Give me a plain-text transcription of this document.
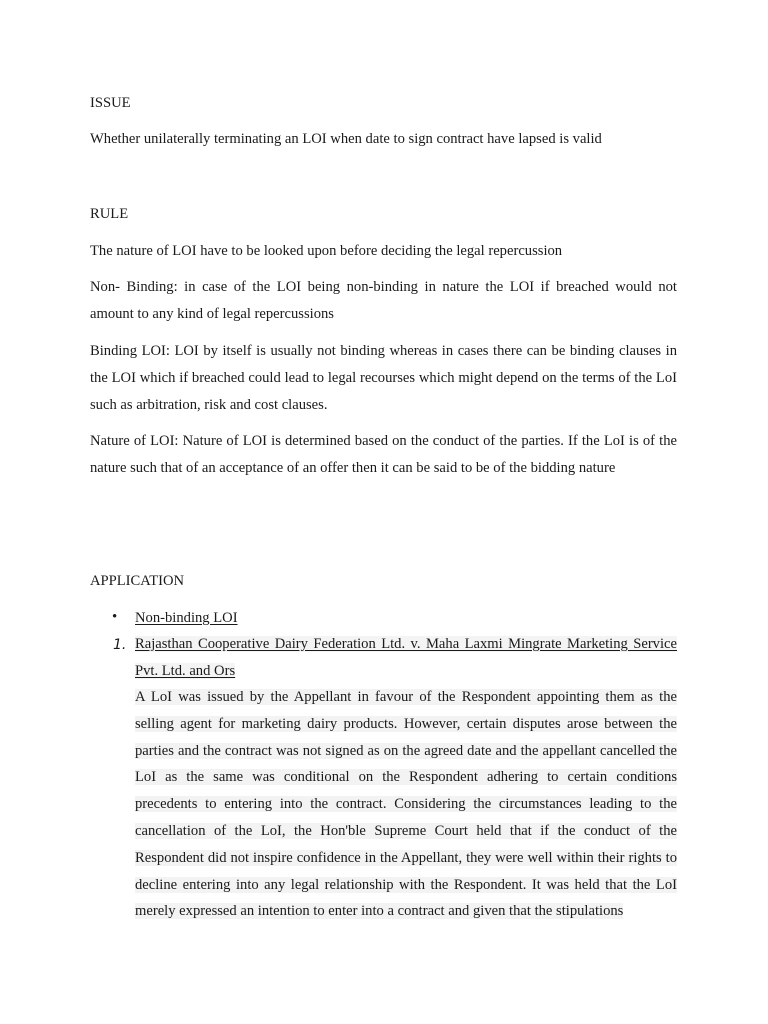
ISSUE

Whether unilaterally terminating an LOI when date to sign contract have lapsed is valid

RULE

The nature of LOI have to be looked upon before deciding the legal repercussion

Non- Binding: in case of the LOI being non-binding in nature the LOI if breached would not amount to any kind of legal repercussions

Binding LOI: LOI by itself is usually not binding whereas in cases there can be binding clauses in the LOI which if breached could lead to legal recourses which might depend on the terms of the LoI such as arbitration, risk and cost clauses.

Nature of LOI: Nature of LOI is determined based on the conduct of the parties. If the LoI is of the nature such that of an acceptance of an offer then it can be said to be of the bidding nature

APPLICATION

• Non-binding LOI

1. Rajasthan Cooperative Dairy Federation Ltd. v. Maha Laxmi Mingrate Marketing Service Pvt. Ltd. and Ors

A LoI was issued by the Appellant in favour of the Respondent appointing them as the selling agent for marketing dairy products. However, certain disputes arose between the parties and the contract was not signed as on the agreed date and the appellant cancelled the LoI as the same was conditional on the Respondent adhering to certain conditions precedents to entering into the contract. Considering the circumstances leading to the cancellation of the LoI, the Hon'ble Supreme Court held that if the conduct of the Respondent did not inspire confidence in the Appellant, they were well within their rights to decline entering into any legal relationship with the Respondent. It was held that the LoI merely expressed an intention to enter into a contract and given that the stipulations
